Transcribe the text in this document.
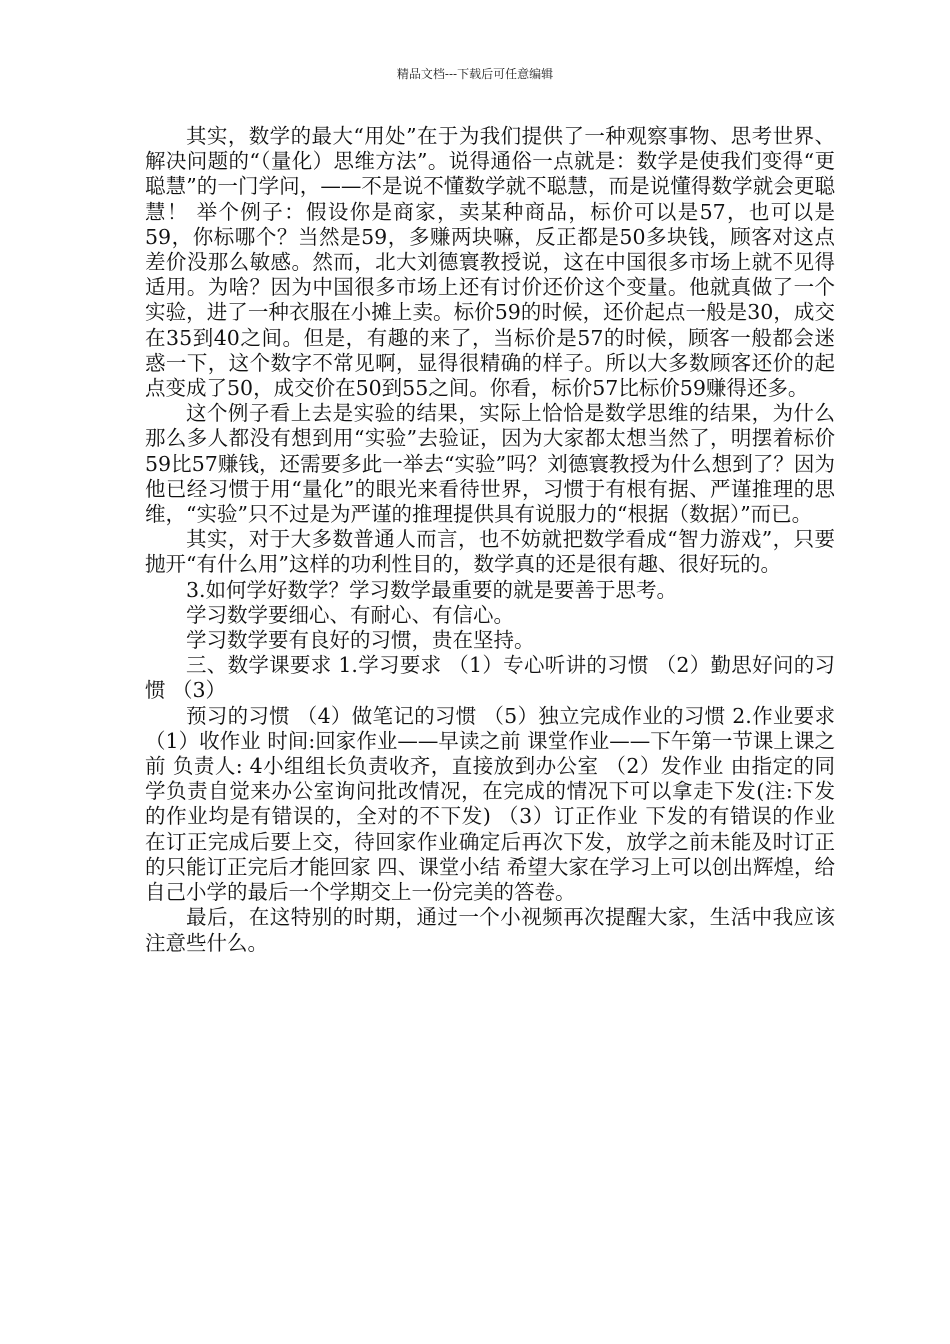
精品文档---下载后可任意编辑

其实，数学的最大“用处”在于为我们提供了一种观察事物、思考世界、解决问题的“（量化）思维方法”。说得通俗一点就是：数学是使我们变得“更聪慧”的一门学问，——不是说不懂数学就不聪慧，而是说懂得数学就会更聪慧！ 举个例子：假设你是商家，卖某种商品，标价可以是57，也可以是59，你标哪个？当然是59，多赚两块嘛，反正都是50多块钱，顾客对这点差价没那么敏感。然而，北大刘德寰教授说，这在中国很多市场上就不见得适用。为啥？因为中国很多市场上还有讨价还价这个变量。他就真做了一个实验，进了一种衣服在小摊上卖。标价59的时候，还价起点一般是30，成交在35到40之间。但是，有趣的来了，当标价是57的时候，顾客一般都会迷惑一下，这个数字不常见啊，显得很精确的样子。所以大多数顾客还价的起点变成了50，成交价在50到55之间。你看，标价57比标价59赚得还多。

这个例子看上去是实验的结果，实际上恰恰是数学思维的结果，为什么那么多人都没有想到用“实验”去验证，因为大家都太想当然了，明摆着标价59比57赚钱，还需要多此一举去“实验”吗？刘德寰教授为什么想到了？因为他已经习惯于用“量化”的眼光来看待世界，习惯于有根有据、严谨推理的思维，“实验”只不过是为严谨的推理提供具有说服力的“根据（数据）”而已。

其实，对于大多数普通人而言，也不妨就把数学看成“智力游戏”，只要抛开“有什么用”这样的功利性目的，数学真的还是很有趣、很好玩的。

3.如何学好数学？学习数学最重要的就是要善于思考。

学习数学要细心、有耐心、有信心。

学习数学要有良好的习惯，贵在坚持。

三、数学课要求 1.学习要求 （1）专心听讲的习惯 （2）勤思好问的习惯 （3）

预习的习惯 （4）做笔记的习惯 （5）独立完成作业的习惯 2.作业要求 （1）收作业 时间:回家作业——早读之前 课堂作业——下午第一节课上课之前 负责人: 4小组组长负责收齐，直接放到办公室 （2）发作业 由指定的同学负责自觉来办公室询问批改情况，在完成的情况下可以拿走下发(注:下发的作业均是有错误的，全对的不下发) （3）订正作业 下发的有错误的作业在订正完成后要上交，待回家作业确定后再次下发，放学之前未能及时订正的只能订正完后才能回家 四、课堂小结 希望大家在学习上可以创出辉煌，给自己小学的最后一个学期交上一份完美的答卷。

最后，在这特别的时期，通过一个小视频再次提醒大家，生活中我应该注意些什么。
